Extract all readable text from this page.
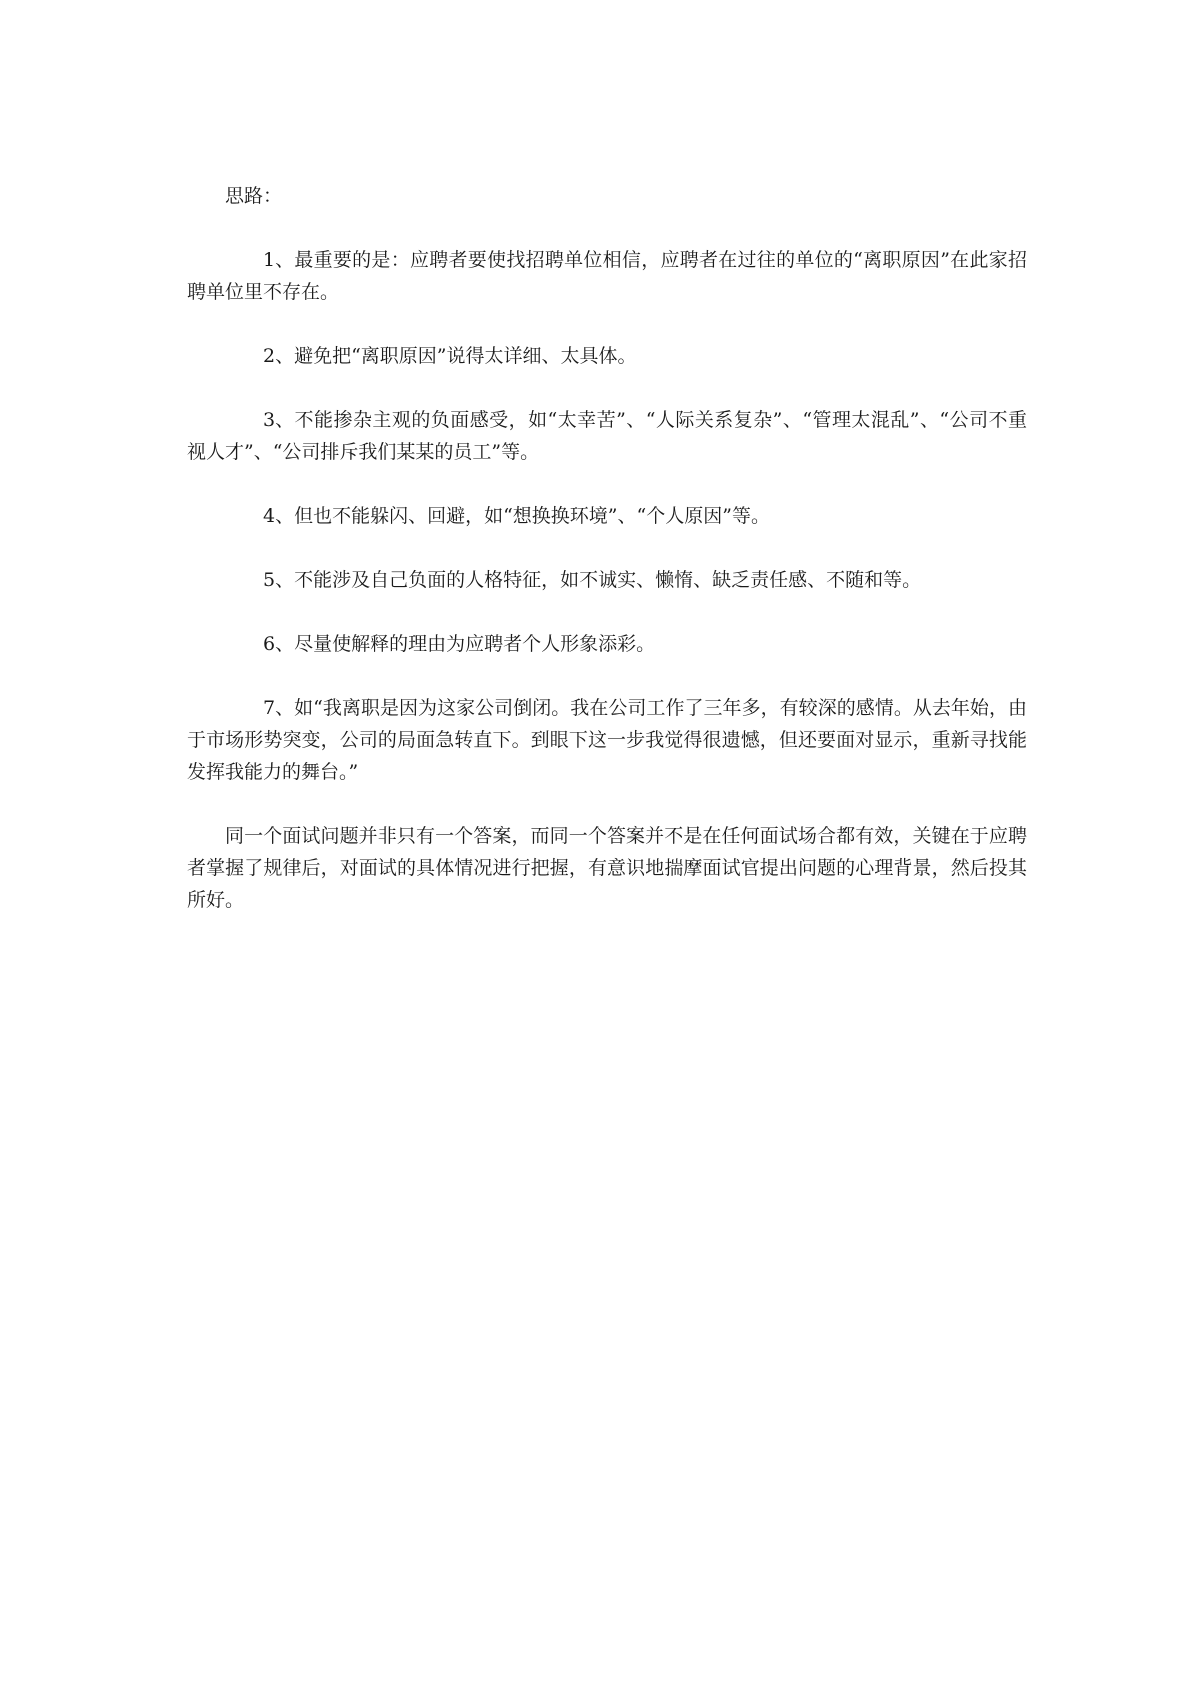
思路：

1、最重要的是：应聘者要使找招聘单位相信，应聘者在过往的单位的“离职原因”在此家招聘单位里不存在。

2、避免把“离职原因”说得太详细、太具体。

3、不能掺杂主观的负面感受，如“太幸苦”、“人际关系复杂”、“管理太混乱”、“公司不重视人才”、“公司排斥我们某某的员工”等。

4、但也不能躲闪、回避，如“想换换环境”、“个人原因”等。

5、不能涉及自己负面的人格特征，如不诚实、懒惰、缺乏责任感、不随和等。

6、尽量使解释的理由为应聘者个人形象添彩。

7、如“我离职是因为这家公司倒闭。我在公司工作了三年多，有较深的感情。从去年始，由于市场形势突变，公司的局面急转直下。到眼下这一步我觉得很遗憾，但还要面对显示，重新寻找能发挥我能力的舞台。”

同一个面试问题并非只有一个答案，而同一个答案并不是在任何面试场合都有效，关键在于应聘者掌握了规律后，对面试的具体情况进行把握，有意识地揣摩面试官提出问题的心理背景，然后投其所好。
